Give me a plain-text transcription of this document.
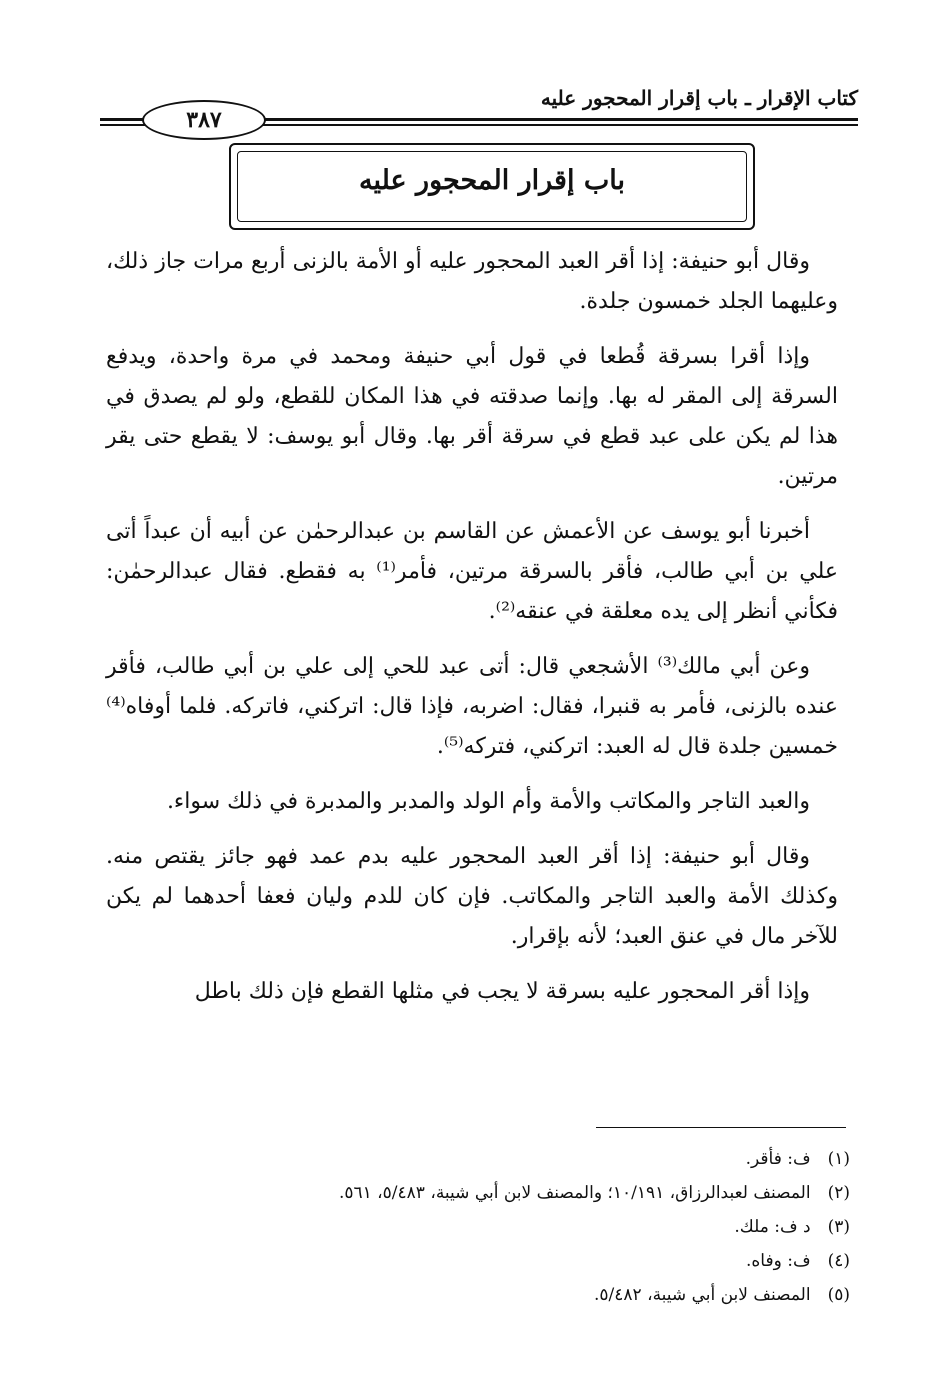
كتاب الإقرار ـ باب إقرار المحجور عليه
٣٨٧
باب إقرار المحجور عليه

وقال أبو حنيفة: إذا أقر العبد المحجور عليه أو الأمة بالزنى أربع مرات جاز ذلك، وعليهما الجلد خمسون جلدة.

وإذا أقرا بسرقة قُطعا في قول أبي حنيفة ومحمد في مرة واحدة، ويدفع السرقة إلى المقر له بها. وإنما صدقته في هذا المكان للقطع، ولو لم يصدق في هذا لم يكن على عبد قطع في سرقة أقر بها. وقال أبو يوسف: لا يقطع حتى يقر مرتين.

أخبرنا أبو يوسف عن الأعمش عن القاسم بن عبدالرحمٰن عن أبيه أن عبداً أتى علي بن أبي طالب، فأقر بالسرقة مرتين، فأمر⁽¹⁾ به فقطع. فقال عبدالرحمٰن: فكأني أنظر إلى يده معلقة في عنقه⁽²⁾.

وعن أبي مالك⁽³⁾ الأشجعي قال: أتى عبد للحي إلى علي بن أبي طالب، فأقر عنده بالزنى، فأمر به قنبرا، فقال: اضربه، فإذا قال: اتركني، فاتركه. فلما أوفاه⁽⁴⁾ خمسين جلدة قال له العبد: اتركني، فتركه⁽⁵⁾.

والعبد التاجر والمكاتب والأمة وأم الولد والمدبر والمدبرة في ذلك سواء.

وقال أبو حنيفة: إذا أقر العبد المحجور عليه بدم عمد فهو جائز يقتص منه. وكذلك الأمة والعبد التاجر والمكاتب. فإن كان للدم وليان فعفا أحدهما لم يكن للآخر مال في عنق العبد؛ لأنه بإقرار.

وإذا أقر المحجور عليه بسرقة لا يجب في مثلها القطع فإن ذلك باطل

(١) ف: فأقر.
(٢) المصنف لعبدالرزاق، ١٠/١٩١؛ والمصنف لابن أبي شيبة، ٥/٤٨٣، ٥٦١.
(٣) د ف: ملك.
(٤) ف: وفاه.
(٥) المصنف لابن أبي شيبة، ٥/٤٨٢.
